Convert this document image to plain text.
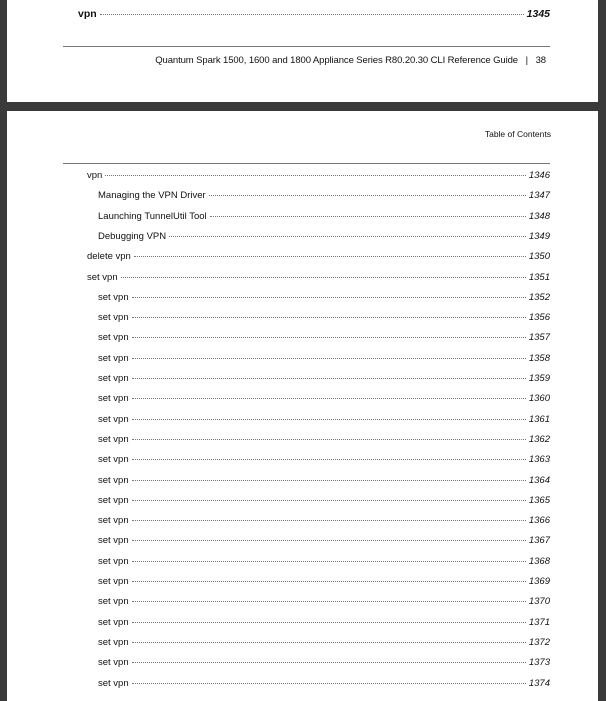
vpn	1345
Quantum Spark 1500, 1600 and 1800 Appliance Series R80.20.30 CLI Reference Guide | 38
Table of Contents
vpn	1346
Managing the VPN Driver	1347
Launching TunnelUtil Tool	1348
Debugging VPN	1349
delete vpn	1350
set vpn	1351
set vpn	1352
set vpn	1356
set vpn	1357
set vpn	1358
set vpn	1359
set vpn	1360
set vpn	1361
set vpn	1362
set vpn	1363
set vpn	1364
set vpn	1365
set vpn	1366
set vpn	1367
set vpn	1368
set vpn	1369
set vpn	1370
set vpn	1371
set vpn	1372
set vpn	1373
set vpn	1374
